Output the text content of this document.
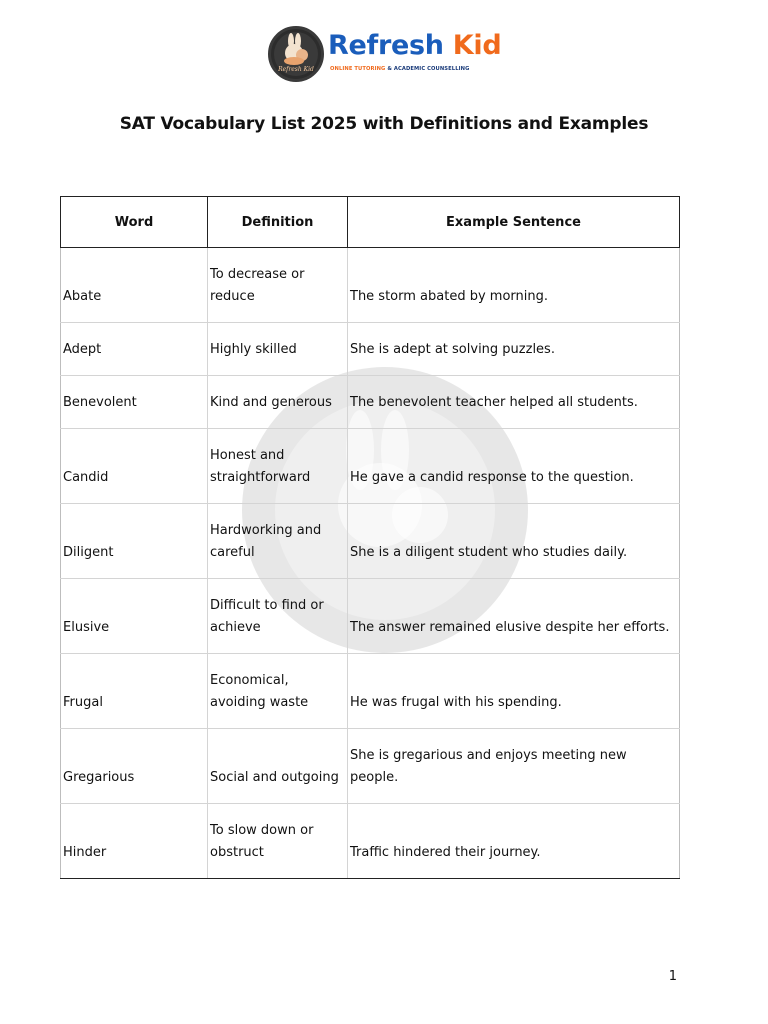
Refresh Kid
Refresh Kid
ONLINE TUTORING & ACADEMIC COUNSELLING
SAT Vocabulary List 2025 with Definitions and Examples
Word	Definition	Example Sentence
Abate	To decrease or reduce	The storm abated by morning.
Adept	Highly skilled	She is adept at solving puzzles.
Benevolent	Kind and generous	The benevolent teacher helped all students.
Candid	Honest and straightforward	He gave a candid response to the question.
Diligent	Hardworking and careful	She is a diligent student who studies daily.
Elusive	Difficult to find or achieve	The answer remained elusive despite her efforts.
Frugal	Economical, avoiding waste	He was frugal with his spending.
Gregarious	Social and outgoing	She is gregarious and enjoys meeting new people.
Hinder	To slow down or obstruct	Traffic hindered their journey.
1
